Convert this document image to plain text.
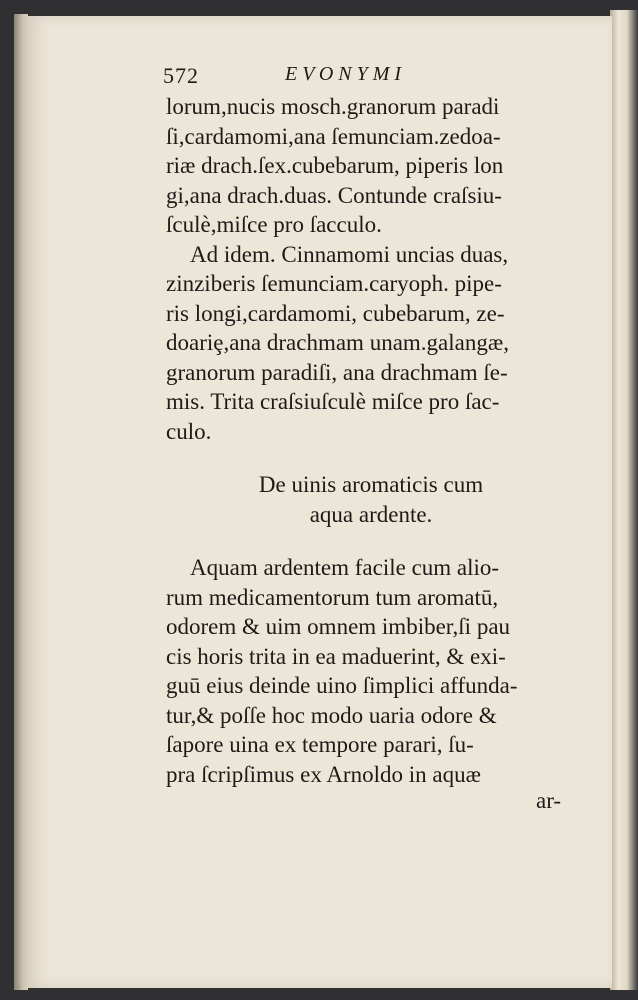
572	EVONYMI
lorum,nucis mosch.granorum paradi
ſi,cardamomi,ana ſemunciam.zedoa-
riæ drach.ſex.cubebarum, piperis lon
gi,ana drach.duas. Contunde craſsiu-
ſculè,miſce pro ſacculo.
Ad idem. Cinnamomi uncias duas,
zinziberis ſemunciam.caryoph. pipe-
ris longi,cardamomi, cubebarum, ze-
doariȩ,ana drachmam unam.galangæ,
granorum paradiſi, ana drachmam ſe-
mis. Trita craſsiuſculè miſce pro ſac-
culo.
De uinis aromaticis cum
aqua ardente.
Aquam ardentem facile cum alio-
rum medicamentorum tum aromatū,
odorem & uim omnem imbiber,ſi pau
cis horis trita in ea maduerint, & exi-
guū eius deinde uino ſimplici affunda-
tur,& poſſe hoc modo uaria odore &
ſapore uina ex tempore parari, ſu-
pra ſcripſimus ex Arnoldo in aquæ
ar-
